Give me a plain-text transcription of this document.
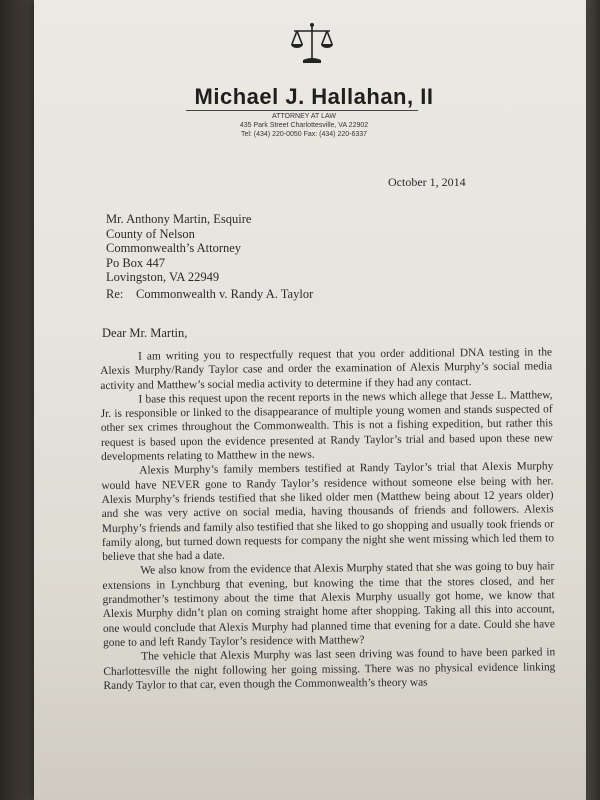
Michael J. Hallahan, II
ATTORNEY AT LAW
435 Park Street Charlottesville, VA 22902
Tel: (434) 220-0050 Fax: (434) 220-6337
October 1, 2014
Mr. Anthony Martin, Esquire
County of Nelson
Commonwealth’s Attorney
Po Box 447
Lovingston, VA 22949
Re: Commonwealth v. Randy A. Taylor
Dear Mr. Martin,

I am writing you to respectfully request that you order additional DNA testing in the Alexis Murphy/Randy Taylor case and order the examination of Alexis Murphy’s social media activity and Matthew’s social media activity to determine if they had any contact.

I base this request upon the recent reports in the news which allege that Jesse L. Matthew, Jr. is responsible or linked to the disappearance of multiple young women and stands suspected of other sex crimes throughout the Commonwealth. This is not a fishing expedition, but rather this request is based upon the evidence presented at Randy Taylor’s trial and based upon these new developments relating to Matthew in the news.

Alexis Murphy’s family members testified at Randy Taylor’s trial that Alexis Murphy would have NEVER gone to Randy Taylor’s residence without someone else being with her. Alexis Murphy’s friends testified that she liked older men (Matthew being about 12 years older) and she was very active on social media, having thousands of friends and followers. Alexis Murphy’s friends and family also testified that she liked to go shopping and usually took friends or family along, but turned down requests for company the night she went missing which led them to believe that she had a date.

We also know from the evidence that Alexis Murphy stated that she was going to buy hair extensions in Lynchburg that evening, but knowing the time that the stores closed, and her grandmother’s testimony about the time that Alexis Murphy usually got home, we know that Alexis Murphy didn’t plan on coming straight home after shopping. Taking all this into account, one would conclude that Alexis Murphy had planned time that evening for a date. Could she have gone to and left Randy Taylor’s residence with Matthew?

The vehicle that Alexis Murphy was last seen driving was found to have been parked in Charlottesville the night following her going missing. There was no physical evidence linking Randy Taylor to that car, even though the Commonwealth’s theory was
